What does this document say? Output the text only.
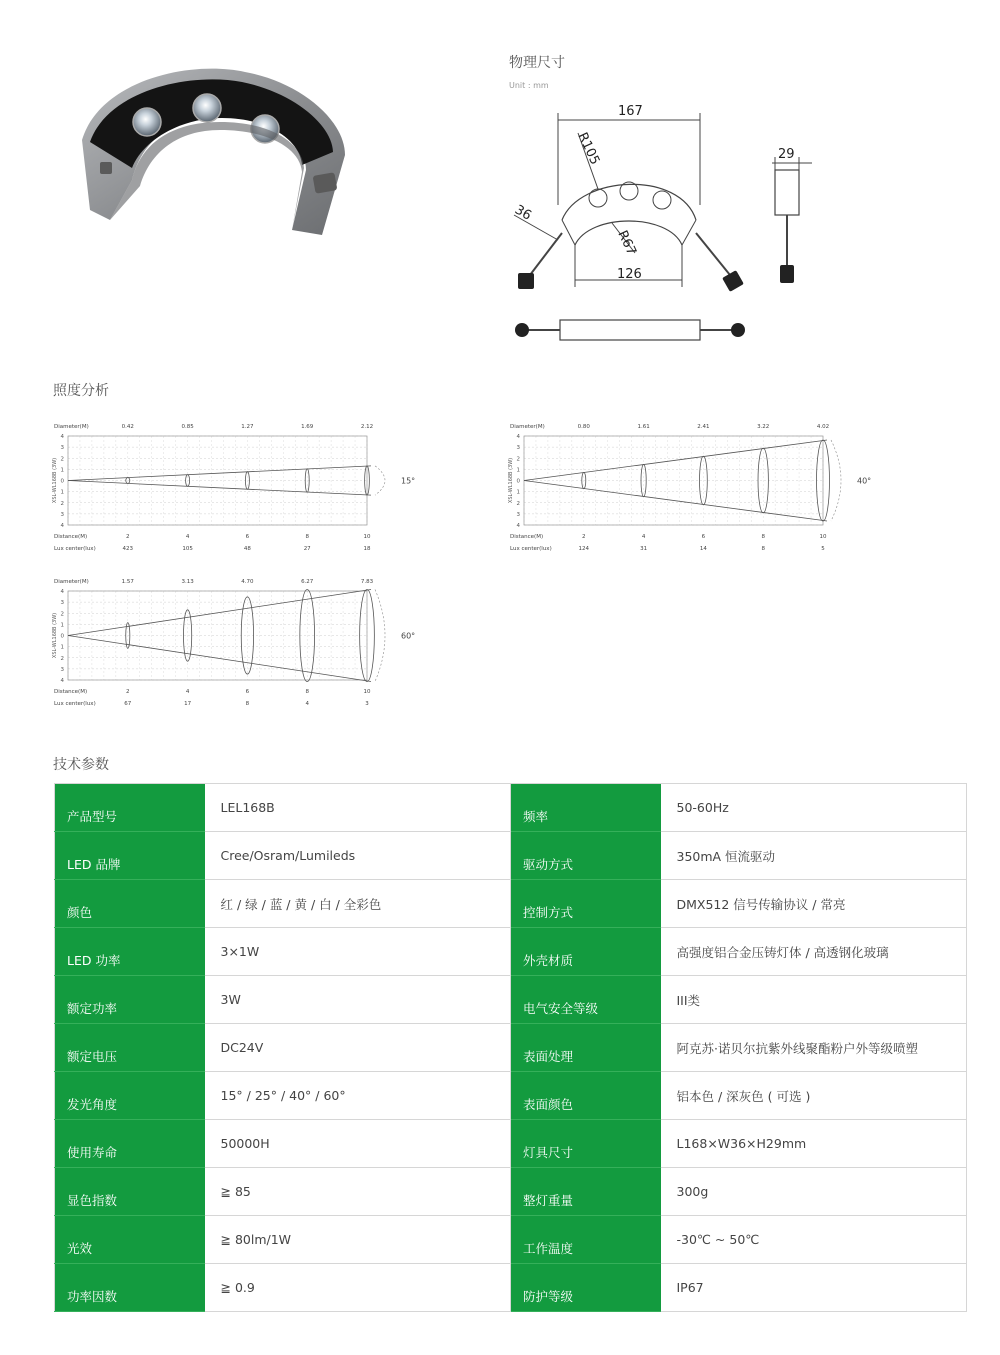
物理尺寸
Unit : mm
167
R105
36
R67
126
29
照度分析
4
3
2
1
0
1
2
3
4
XSL-WL168B (3W)
Diameter(M)
Distance(M)
Lux center(lux)
0.42
2
423
0.85
4
105
1.27
6
48
1.69
8
27
2.12
10
18
15°
4
3
2
1
0
1
2
3
4
XSL-WL168B (3W)
Diameter(M)
Distance(M)
Lux center(lux)
0.80
2
124
1.61
4
31
2.41
6
14
3.22
8
8
4.02
10
5
40°
4
3
2
1
0
1
2
3
4
XSL-WL168B (3W)
Diameter(M)
Distance(M)
Lux center(lux)
1.57
2
67
3.13
4
17
4.70
6
8
6.27
8
4
7.83
10
3
60°
技术参数
产品型号	LEL168B	频率	50-60Hz
LED 品牌	Cree/Osram/Lumileds	驱动方式	350mA 恒流驱动
颜色	红 / 绿 / 蓝 / 黄 / 白 / 全彩色	控制方式	DMX512 信号传输协议 / 常亮
LED 功率	3×1W	外壳材质	高强度铝合金压铸灯体 / 高透钢化玻璃
额定功率	3W	电气安全等级	III类
额定电压	DC24V	表面处理	阿克苏·诺贝尔抗紫外线聚酯粉户外等级喷塑
发光角度	15° / 25° / 40° / 60°	表面颜色	铝本色 / 深灰色 ( 可选 )
使用寿命	50000H	灯具尺寸	L168×W36×H29mm
显色指数	≧ 85	整灯重量	300g
光效	≧ 80lm/1W	工作温度	-30℃ ~ 50℃
功率因数	≧ 0.9	防护等级	IP67
